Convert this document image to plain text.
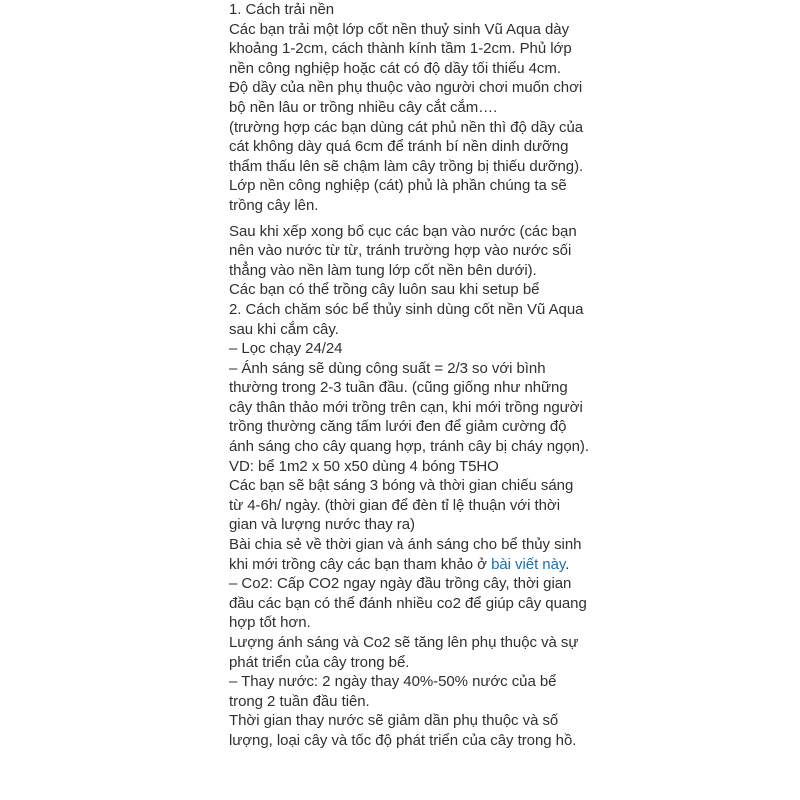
1. Cách trải nền

Các bạn trải một lớp cốt nền thuỷ sinh Vũ Aqua dày khoảng 1-2cm, cách thành kính tầm 1-2cm. Phủ lớp nền công nghiệp hoặc cát có độ dầy tối thiểu 4cm.

Độ dầy của nền phụ thuộc vào người chơi muốn chơi bộ nền lâu or trồng nhiều cây cắt cắm….

(trường hợp các bạn dùng cát phủ nền thì độ dầy của cát không dày quá 6cm để tránh bí nền dinh dưỡng thẩm thấu lên sẽ chậm làm cây trồng bị thiếu dưỡng). Lớp nền công nghiệp (cát) phủ là phần chúng ta sẽ trồng cây lên.

Sau khi xếp xong bố cục các bạn vào nước (các bạn nên vào nước từ từ, tránh trường hợp vào nước sối thẳng vào nền làm tung lớp cốt nền bên dưới).

Các bạn có thể trồng cây luôn sau khi setup bể

2. Cách chăm sóc bể thủy sinh dùng cốt nền Vũ Aqua sau khi cắm cây.

– Lọc chạy 24/24

– Ánh sáng sẽ dùng công suất = 2/3 so với bình thường trong 2-3 tuần đầu. (cũng giống như những cây thân thảo mới trồng trên cạn, khi mới trồng người trồng thường căng tấm lưới đen để giảm cường độ ánh sáng cho cây quang hợp, tránh cây bị cháy ngọn).

VD: bể 1m2 x 50 x50 dùng 4 bóng T5HO

Các bạn sẽ bật sáng 3 bóng và thời gian chiếu sáng từ 4-6h/ ngày. (thời gian để đèn tỉ lệ thuận với thời gian và lượng nước thay ra)

Bài chia sẻ về thời gian và ánh sáng cho bể thủy sinh khi mới trồng cây các bạn tham khảo ở bài viết này.

– Co2: Cấp CO2 ngay ngày đầu trồng cây, thời gian đầu các bạn có thể đánh nhiều co2 để giúp cây quang hợp tốt hơn.

Lượng ánh sáng và Co2 sẽ tăng lên phụ thuộc và sự phát triển của cây trong bể.

– Thay nước: 2 ngày thay 40%-50% nước của bể trong 2 tuần đầu tiên.

Thời gian thay nước sẽ giảm dần phụ thuộc và số lượng, loại cây và tốc độ phát triển của cây trong hồ.
